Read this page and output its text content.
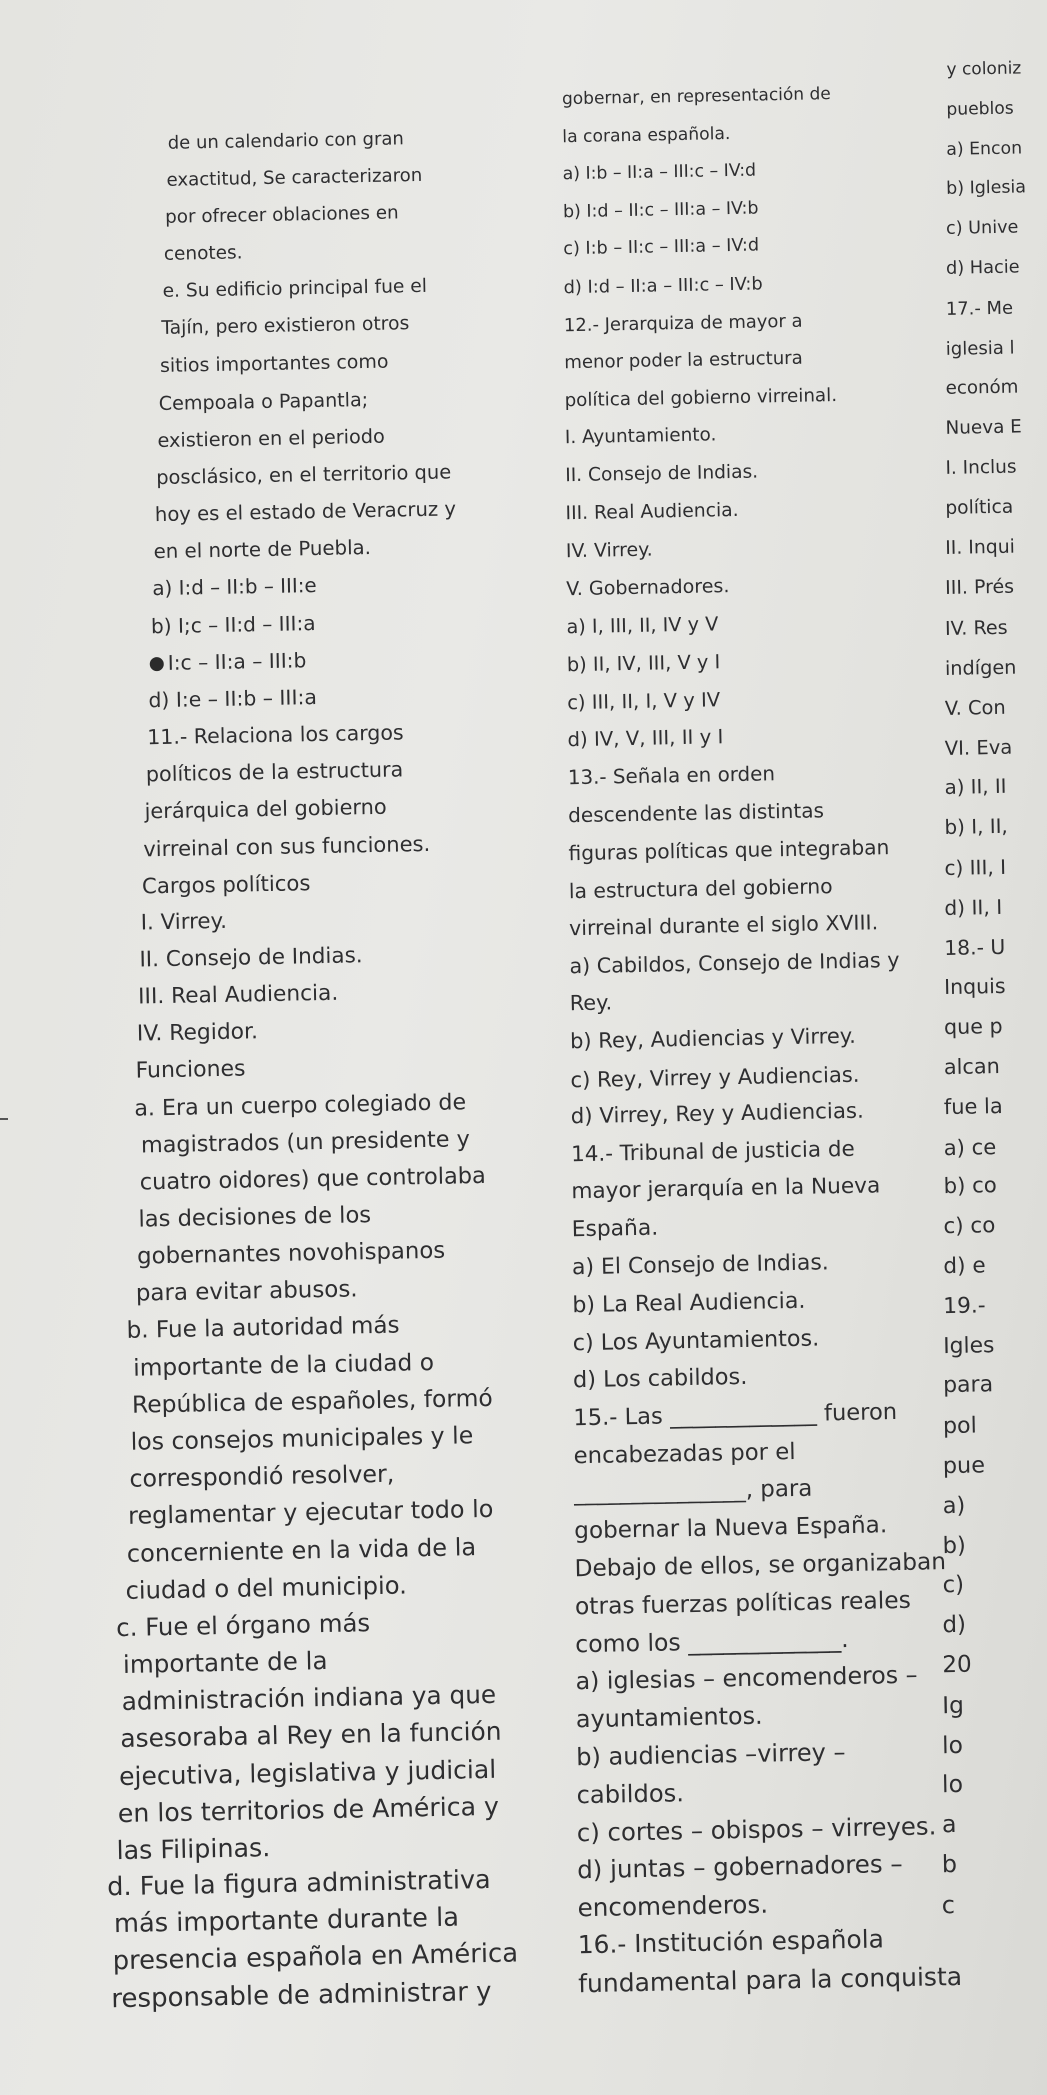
de un calendario con gran
exactitud, Se caracterizaron
por ofrecer oblaciones en
cenotes.
e. Su edificio principal fue el
Tajín, pero existieron otros
sitios importantes como
Cempoala o Papantla;
existieron en el periodo
posclásico, en el territorio que
hoy es el estado de Veracruz y
en el norte de Puebla.
a) I:d – II:b – III:e
b) I;c – II:d – III:a
I:c – II:a – III:b
d) I:e – II:b – III:a
11.- Relaciona los cargos
políticos de la estructura
jerárquica del gobierno
virreinal con sus funciones.
Cargos políticos
I. Virrey.
II. Consejo de Indias.
III. Real Audiencia.
IV. Regidor.
Funciones
a. Era un cuerpo colegiado de
magistrados (un presidente y
cuatro oidores) que controlaba
las decisiones de los
gobernantes novohispanos
para evitar abusos.
b. Fue la autoridad más
importante de la ciudad o
República de españoles, formó
los consejos municipales y le
correspondió resolver,
reglamentar y ejecutar todo lo
concerniente en la vida de la
ciudad o del municipio.
c. Fue el órgano más
importante de la
administración indiana ya que
asesoraba al Rey en la función
ejecutiva, legislativa y judicial
en los territorios de América y
las Filipinas.
d. Fue la figura administrativa
más importante durante la
presencia española en América
responsable de administrar y
gobernar, en representación de
la corana española.
a) I:b – II:a – III:c – IV:d
b) I:d – II:c – III:a – IV:b
c) I:b – II:c – III:a – IV:d
d) I:d – II:a – III:c – IV:b
12.- Jerarquiza de mayor a
menor poder la estructura
política del gobierno virreinal.
I. Ayuntamiento.
II. Consejo de Indias.
III. Real Audiencia.
IV. Virrey.
V. Gobernadores.
a) I, III, II, IV y V
b) II, IV, III, V y I
c) III, II, I, V y IV
d) IV, V, III, II y I
13.- Señala en orden
descendente las distintas
figuras políticas que integraban
la estructura del gobierno
virreinal durante el siglo XVIII.
a) Cabildos, Consejo de Indias y
Rey.
b) Rey, Audiencias y Virrey.
c) Rey, Virrey y Audiencias.
d) Virrey, Rey y Audiencias.
14.- Tribunal de justicia de
mayor jerarquía en la Nueva
España.
a) El Consejo de Indias.
b) La Real Audiencia.
c) Los Ayuntamientos.
d) Los cabildos.
15.- Las _____________ fueron
encabezadas por el
_______________, para
gobernar la Nueva España.
Debajo de ellos, se organizaban
otras fuerzas políticas reales
como los _____________.
a) iglesias – encomenderos –
ayuntamientos.
b) audiencias –virrey –
cabildos.
c) cortes – obispos – virreyes.
d) juntas – gobernadores –
encomenderos.
16.- Institución española
fundamental para la conquista
y coloniz
pueblos
a) Encon
b) Iglesia
c) Unive
d) Hacie
17.- Me
iglesia l
económ
Nueva E
I. Inclus
política
II. Inqui
III. Prés
IV. Res
indígen
V. Con
VI. Eva
a) II, II
b) I, II,
c) III, I
d) II, I
18.- U
Inquis
que p
alcan
fue la
a) ce
b) co
c) co
d) e
19.-
Igles
para
pol
pue
a)
b)
c)
d)
20
Ig
lo
lo
a
b
c
